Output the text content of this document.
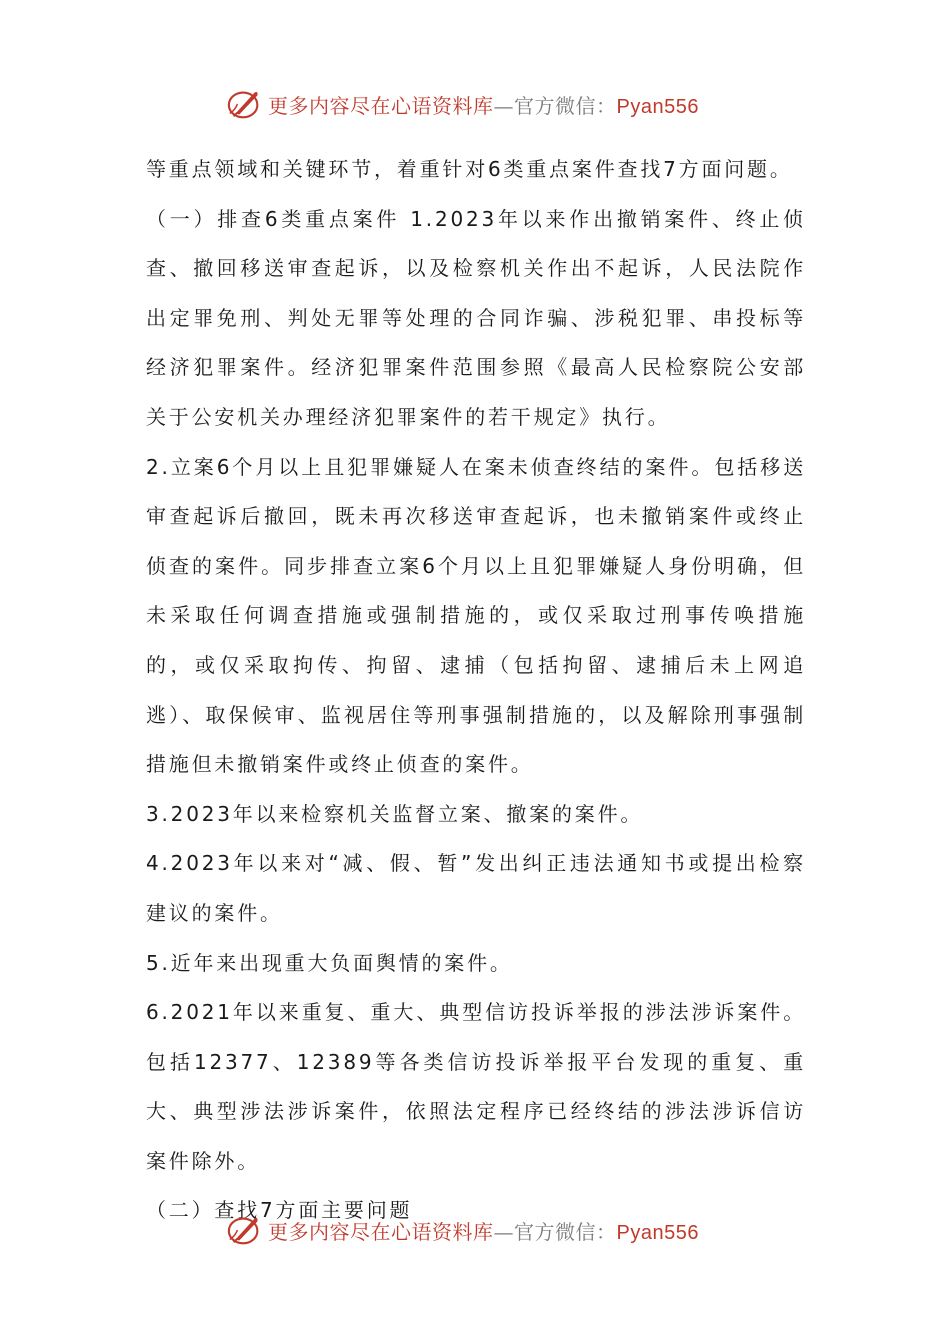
更多内容尽在心语资料库—官方微信：Pyan556

等重点领域和关键环节，着重针对6类重点案件查找7方面问题。

（一）排查6类重点案件 1.2023年以来作出撤销案件、终止侦查、撤回移送审查起诉，以及检察机关作出不起诉，人民法院作出定罪免刑、判处无罪等处理的合同诈骗、涉税犯罪、串投标等经济犯罪案件。经济犯罪案件范围参照《最高人民检察院公安部关于公安机关办理经济犯罪案件的若干规定》执行。

2.立案6个月以上且犯罪嫌疑人在案未侦查终结的案件。包括移送审查起诉后撤回，既未再次移送审查起诉，也未撤销案件或终止侦查的案件。同步排查立案6个月以上且犯罪嫌疑人身份明确，但未采取任何调查措施或强制措施的，或仅采取过刑事传唤措施的，或仅采取拘传、拘留、逮捕（包括拘留、逮捕后未上网追逃）、取保候审、监视居住等刑事强制措施的，以及解除刑事强制措施但未撤销案件或终止侦查的案件。

3.2023年以来检察机关监督立案、撤案的案件。

4.2023年以来对“减、假、暂”发出纠正违法通知书或提出检察建议的案件。

5.近年来出现重大负面舆情的案件。

6.2021年以来重复、重大、典型信访投诉举报的涉法涉诉案件。包括12377、12389等各类信访投诉举报平台发现的重复、重大、典型涉法涉诉案件，依照法定程序已经终结的涉法涉诉信访案件除外。

（二）查找7方面主要问题

更多内容尽在心语资料库—官方微信：Pyan556
